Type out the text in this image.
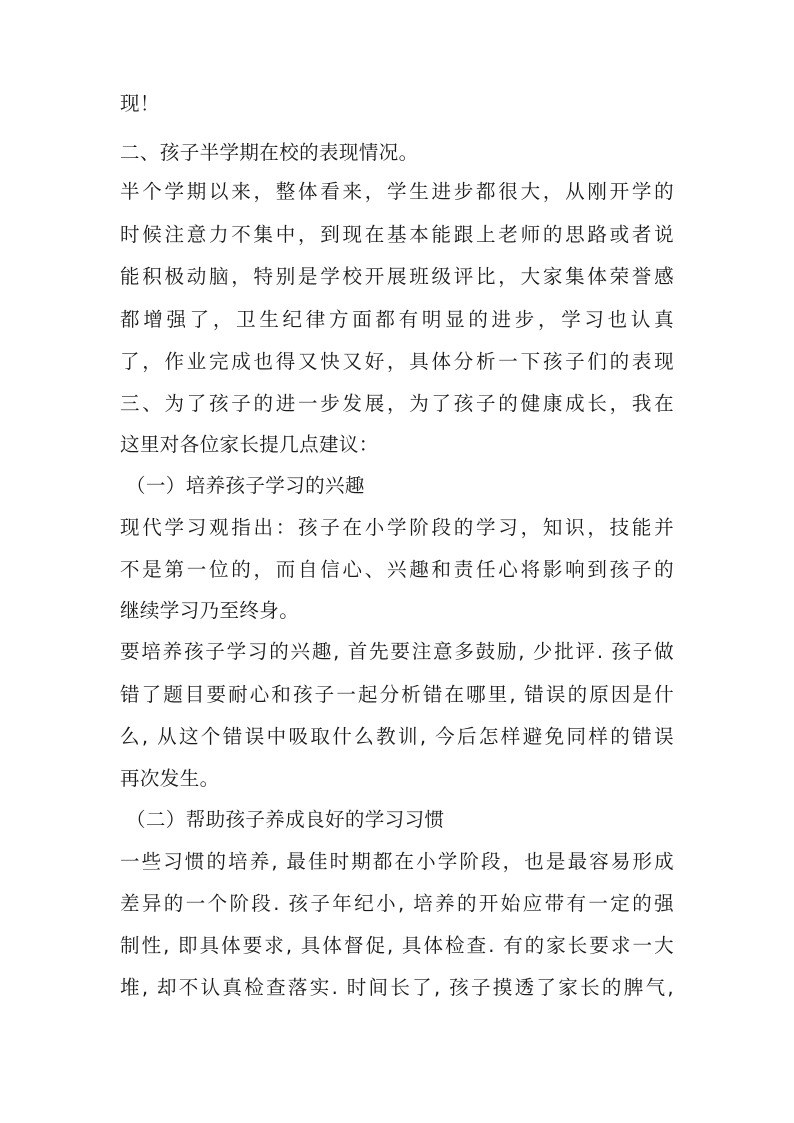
现！
二、孩子半学期在校的表现情况。
半个学期以来，整体看来，学生进步都很大，从刚开学的
时候注意力不集中，到现在基本能跟上老师的思路或者说
能积极动脑，特别是学校开展班级评比，大家集体荣誉感
都增强了，卫生纪律方面都有明显的进步，学习也认真
了，作业完成也得又快又好，具体分析一下孩子们的表现
三、为了孩子的进一步发展，为了孩子的健康成长，我在
这里对各位家长提几点建议：
（一）培养孩子学习的兴趣
现代学习观指出：孩子在小学阶段的学习，知识，技能并
不是第一位的，而自信心、兴趣和责任心将影响到孩子的
继续学习乃至终身。
要培养孩子学习的兴趣, 首先要注意多鼓励, 少批评. 孩子做
错了题目要耐心和孩子一起分析错在哪里, 错误的原因是什
么, 从这个错误中吸取什么教训, 今后怎样避免同样的错误
再次发生。
（二）帮助孩子养成良好的学习习惯
一些习惯的培养, 最佳时期都在小学阶段，也是最容易形成
差异的一个阶段. 孩子年纪小, 培养的开始应带有一定的强
制性, 即具体要求, 具体督促, 具体检查. 有的家长要求一大
堆, 却不认真检查落实. 时间长了, 孩子摸透了家长的脾气,
